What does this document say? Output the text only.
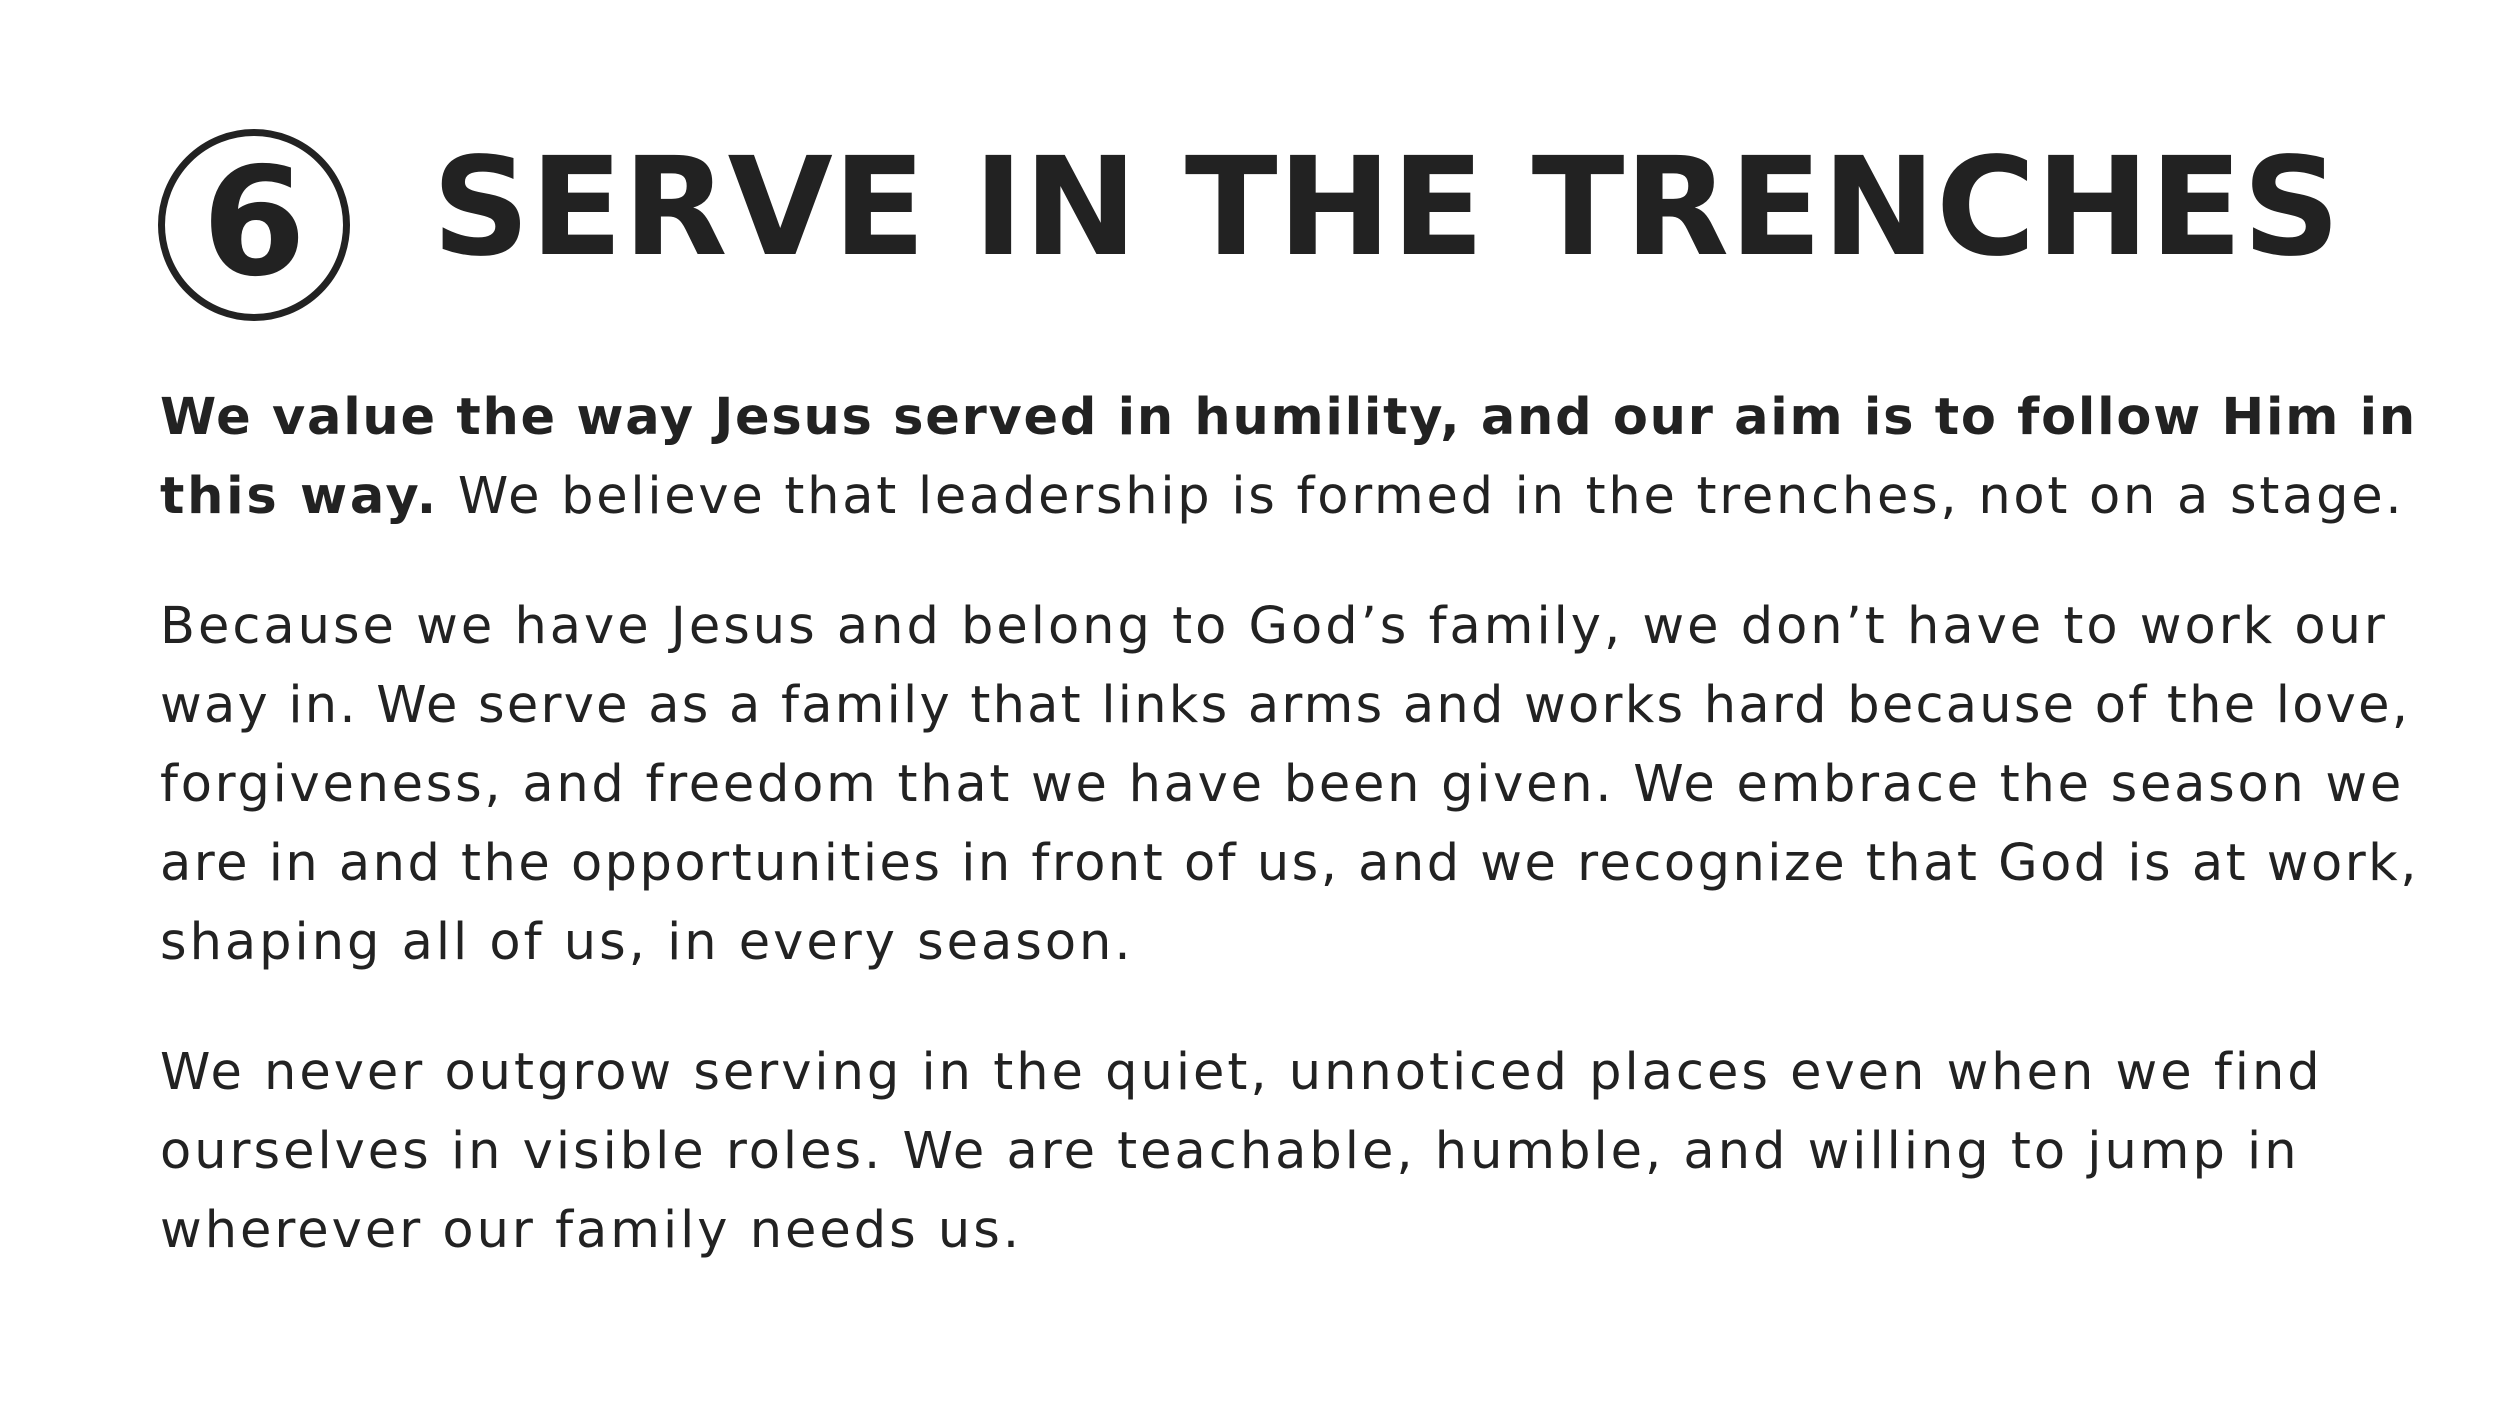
6 SERVE IN THE TRENCHES

We value the way Jesus served in humility, and our aim is to follow Him in
this way. We believe that leadership is formed in the trenches, not on a stage.

Because we have Jesus and belong to God’s family, we don’t have to work our
way in. We serve as a family that links arms and works hard because of the love,
forgiveness, and freedom that we have been given. We embrace the season we
are in and the opportunities in front of us, and we recognize that God is at work,
shaping all of us, in every season.

We never outgrow serving in the quiet, unnoticed places even when we find
ourselves in visible roles. We are teachable, humble, and willing to jump in
wherever our family needs us.
